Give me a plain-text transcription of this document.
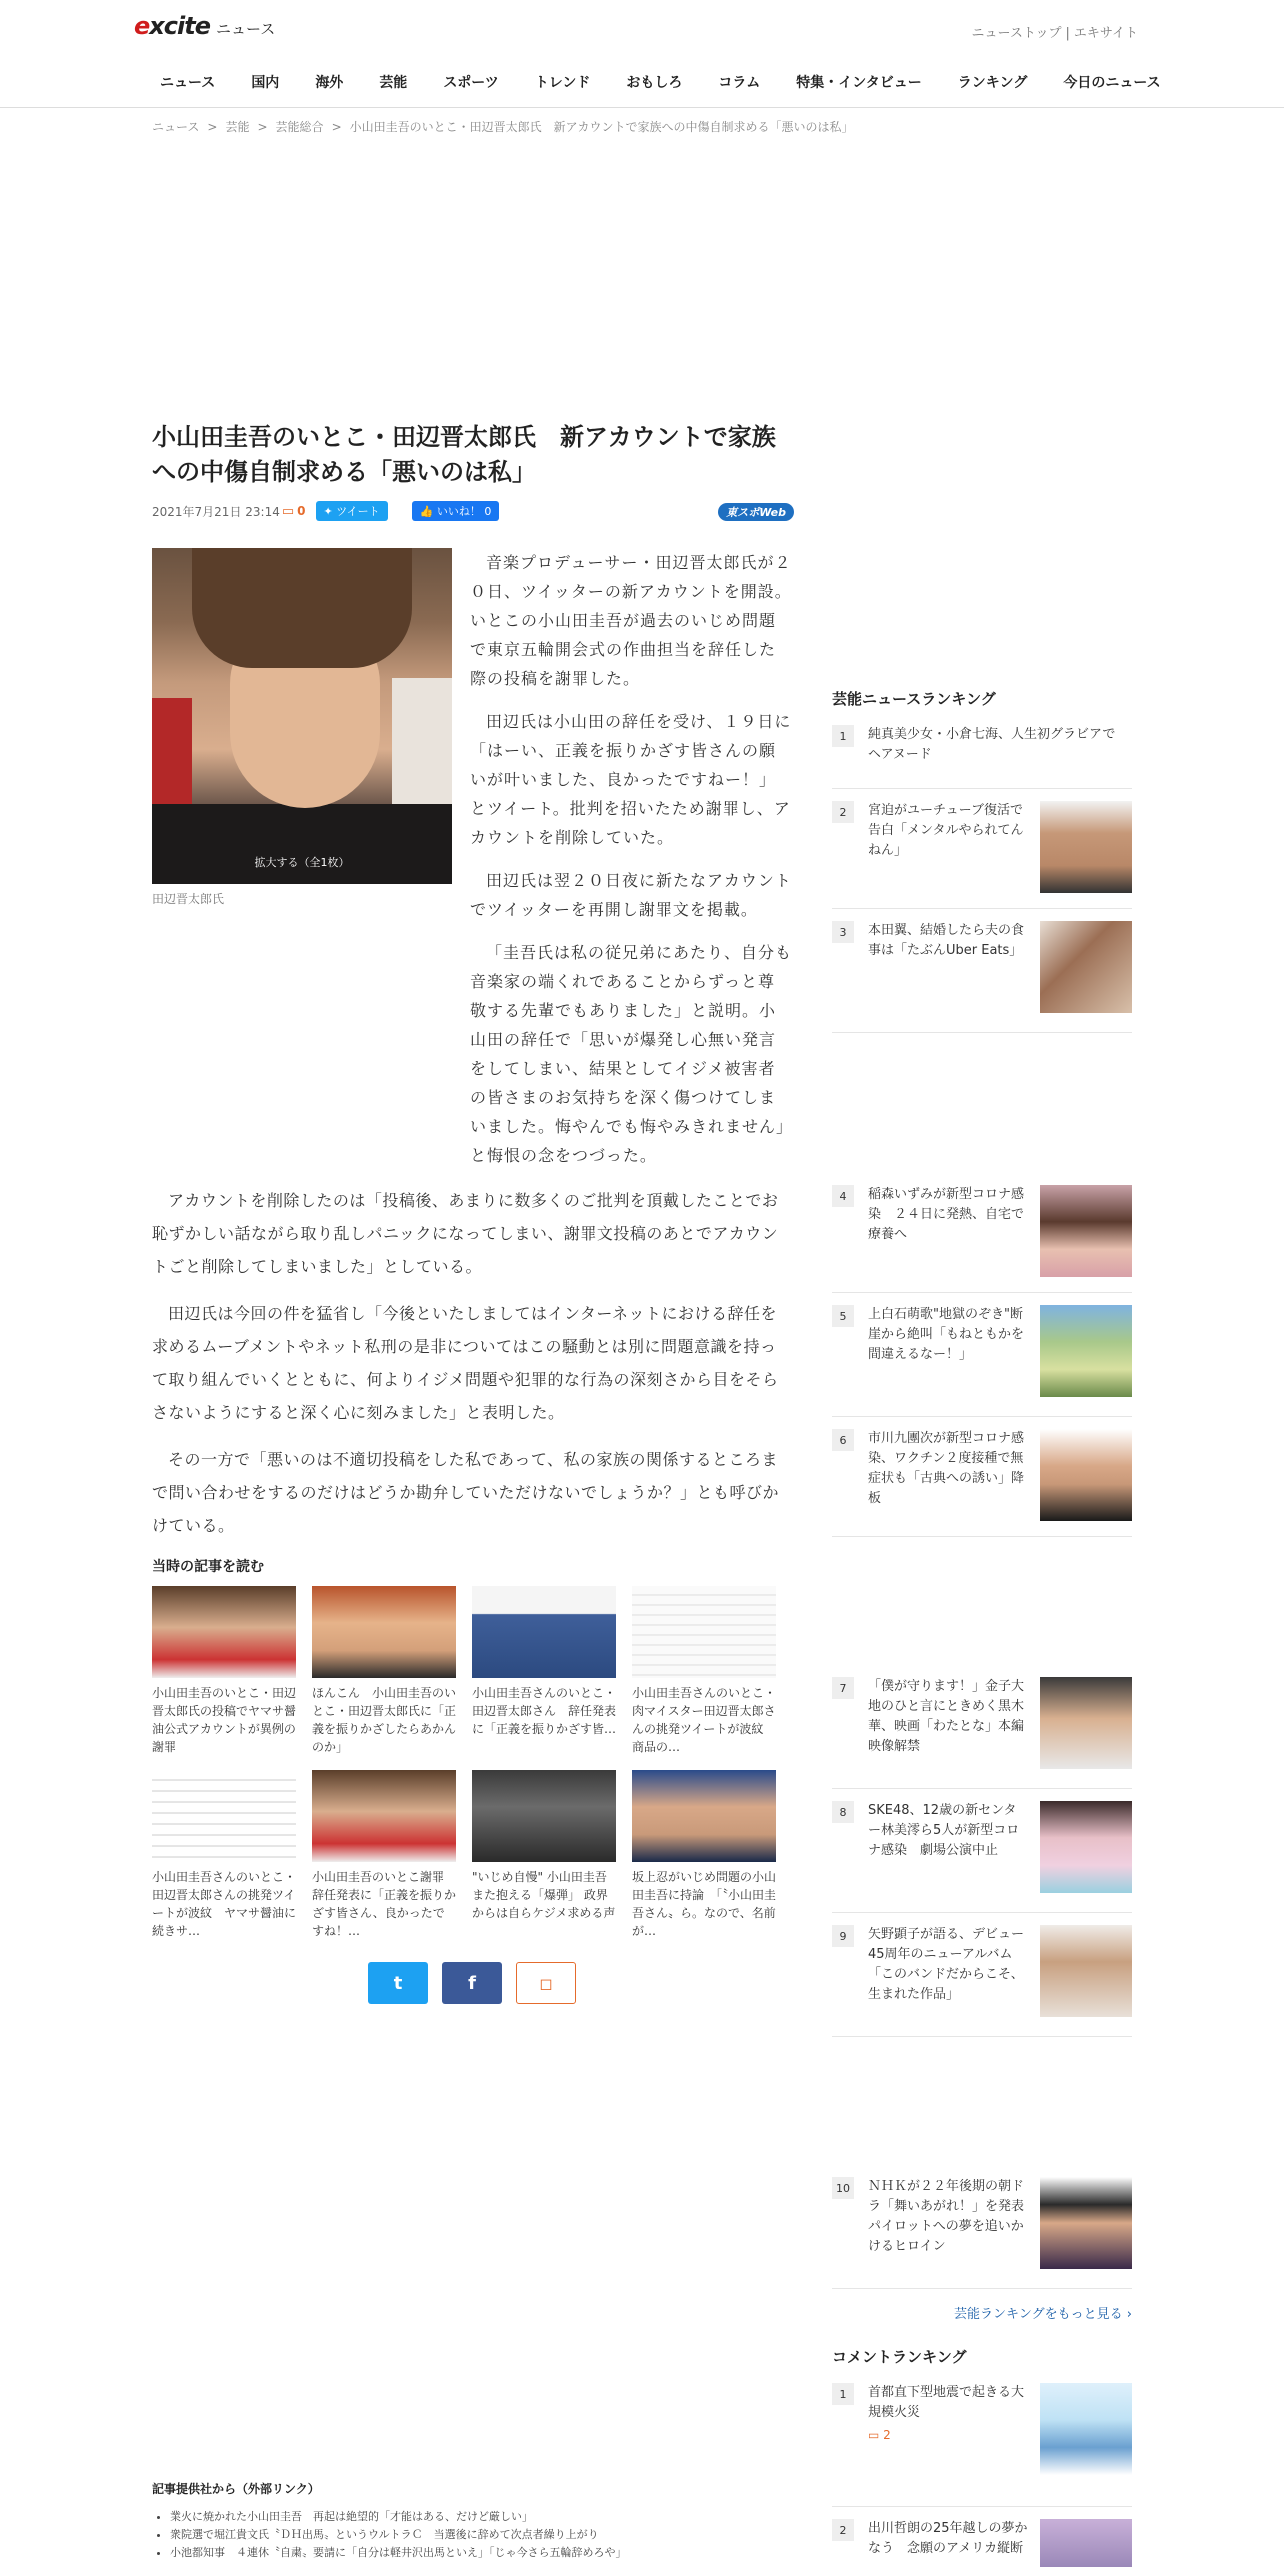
excite ニュース	ニューストップ | エキサイト
ニュース	国内	海外	芸能	スポーツ	トレンド	おもしろ	コラム	特集・インタビュー	ランキング	今日のニュース
ニュース > 芸能 > 芸能総合 > 小山田圭吾のいとこ・田辺晋太郎氏　新アカウントで家族への中傷自制求める「悪いのは私」
小山田圭吾のいとこ・田辺晋太郎氏　新アカウントで家族への中傷自制求める「悪いのは私」
2021年7月21日 23:14 ▭ 0 ✦ ツイート	👍 いいね！ 0	東スポWeb
拡大する（全1枚）
田辺晋太郎氏

音楽プロデューサー・田辺晋太郎氏が２０日、ツイッターの新アカウントを開設。いとこの小山田圭吾が過去のいじめ問題で東京五輪開会式の作曲担当を辞任した際の投稿を謝罪した。

田辺氏は小山田の辞任を受け、１９日に「はーい、正義を振りかざす皆さんの願いが叶いました、良かったですねー！」とツイート。批判を招いたため謝罪し、アカウントを削除していた。

田辺氏は翌２０日夜に新たなアカウントでツイッターを再開し謝罪文を掲載。

「圭吾氏は私の従兄弟にあたり、自分も音楽家の端くれであることからずっと尊敬する先輩でもありました」と説明。小山田の辞任で「思いが爆発し心無い発言をしてしまい、結果としてイジメ被害者の皆さまのお気持ちを深く傷つけてしまいました。悔やんでも悔やみきれません」と悔恨の念をつづった。

アカウントを削除したのは「投稿後、あまりに数多くのご批判を頂戴したことでお恥ずかしい話ながら取り乱しパニックになってしまい、謝罪文投稿のあとでアカウントごと削除してしまいました」としている。

田辺氏は今回の件を猛省し「今後といたしましてはインターネットにおける辞任を求めるムーブメントやネット私刑の是非についてはこの騒動とは別に問題意識を持って取り組んでいくとともに、何よりイジメ問題や犯罪的な行為の深刻さから目をそらさないようにすると深く心に刻みました」と表明した。

その一方で「悪いのは不適切投稿をした私であって、私の家族の関係するところまで問い合わせをするのだけはどうか勘弁していただけないでしょうか？」とも呼びかけている。

当時の記事を読む
小山田圭吾のいとこ・田辺晋太郎氏の投稿でヤマサ醤油公式アカウントが異例の謝罪
ほんこん　小山田圭吾のいとこ・田辺晋太郎氏に「正義を振りかざしたらあかんのか」
小山田圭吾さんのいとこ・田辺晋太郎さん　辞任発表に「正義を振りかざす皆…
小山田圭吾さんのいとこ・肉マイスター田辺晋太郎さんの挑発ツイートが波紋　商品の…
小山田圭吾さんのいとこ・田辺晋太郎さんの挑発ツイートが波紋　ヤマサ醤油に続きサ…
小山田圭吾のいとこ謝罪　辞任発表に「正義を振りかざす皆さん、良かったですね！…
"いじめ自慢" 小山田圭吾 また抱える「爆弾」 政界からは自らケジメ求める声
坂上忍がいじめ問題の小山田圭吾に持論　「〝小山田圭吾さん〟ら。なので、名前が…
t	f	◻
記事提供社から（外部リンク）
• 業火に焼かれた小山田圭吾　再起は絶望的「才能はある、だけど厳しい」
• 衆院選で堀江貴文氏〝ＤＨ出馬〟というウルトラＣ　当選後に辞めて次点者繰り上がり
• 小池都知事　４連休〝自粛〟要請に「自分は軽井沢出馬といえ」「じゃ今さら五輪辞めろや」
芸能ニュースランキング
1	純真美少女・小倉七海、人生初グラビアでヘアヌード
2	宮迫がユーチューブ復活で告白「メンタルやられてんねん」
3	本田翼、結婚したら夫の食事は「たぶんUber Eats」
4	稲森いずみが新型コロナ感染　２４日に発熱、自宅で療養へ
5	上白石萌歌"地獄のぞき"断崖から絶叫「もねともかを間違えるなー！」
6	市川九團次が新型コロナ感染、ワクチン２度接種で無症状も「古典への誘い」降板
7	「僕が守ります！」金子大地のひと言にときめく黒木華、映画「わたとな」本編映像解禁
8	SKE48、12歳の新センター林美澪ら5人が新型コロナ感染　劇場公演中止
9	矢野顕子が語る、デビュー45周年のニューアルバム「このバンドだからこそ、生まれた作品」
10	ＮＨＫが２２年後期の朝ドラ「舞いあがれ！」を発表　パイロットへの夢を追いかけるヒロイン
芸能ランキングをもっと見る ›
コメントランキング
1	首都直下型地震で起きる大規模火災
▭ 2
2	出川哲朗の25年越しの夢かなう　念願のアメリカ縦断
